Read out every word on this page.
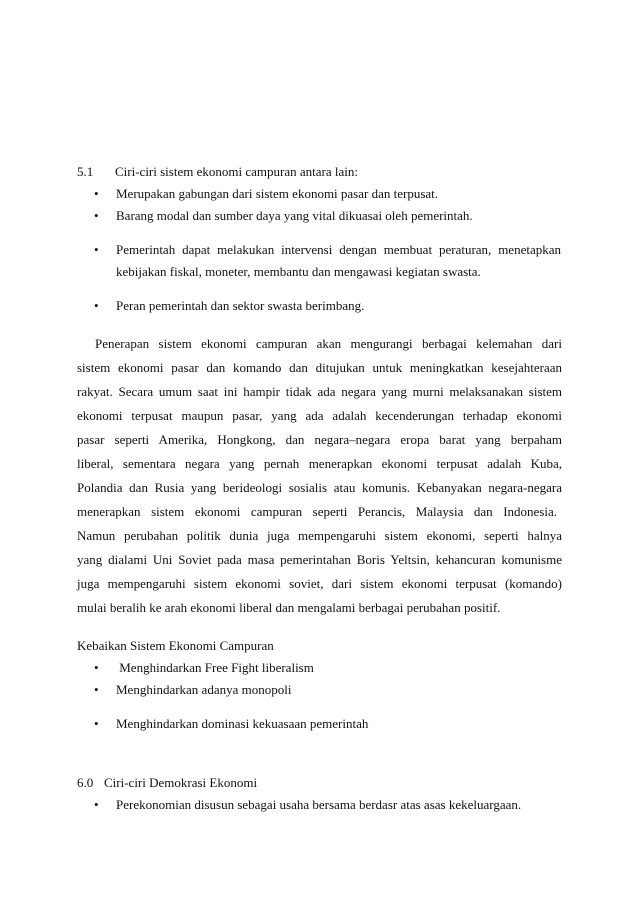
5.1 Ciri-ciri sistem ekonomi campuran antara lain:
• Merupakan gabungan dari sistem ekonomi pasar dan terpusat.
• Barang modal dan sumber daya yang vital dikuasai oleh pemerintah.
• Pemerintah dapat melakukan intervensi dengan membuat peraturan, menetapkan
kebijakan fiskal, moneter, membantu dan mengawasi kegiatan swasta.
• Peran pemerintah dan sektor swasta berimbang.
Penerapan sistem ekonomi campuran akan mengurangi berbagai kelemahan dari
sistem ekonomi pasar dan komando dan ditujukan untuk meningkatkan kesejahteraan
rakyat. Secara umum saat ini hampir tidak ada negara yang murni melaksanakan sistem
ekonomi terpusat maupun pasar, yang ada adalah kecenderungan terhadap ekonomi
pasar seperti Amerika, Hongkong, dan negara–negara eropa barat yang berpaham
liberal, sementara negara yang pernah menerapkan ekonomi terpusat adalah Kuba,
Polandia dan Rusia yang berideologi sosialis atau komunis. Kebanyakan negara-negara
menerapkan sistem ekonomi campuran seperti Perancis, Malaysia dan Indonesia.
Namun perubahan politik dunia juga mempengaruhi sistem ekonomi, seperti halnya
yang dialami Uni Soviet pada masa pemerintahan Boris Yeltsin, kehancuran komunisme
juga mempengaruhi sistem ekonomi soviet, dari sistem ekonomi terpusat (komando)
mulai beralih ke arah ekonomi liberal dan mengalami berbagai perubahan positif.
Kebaikan Sistem Ekonomi Campuran
• Menghindarkan Free Fight liberalism
• Menghindarkan adanya monopoli
• Menghindarkan dominasi kekuasaan pemerintah
6.0 Ciri-ciri Demokrasi Ekonomi
• Perekonomian disusun sebagai usaha bersama berdasr atas asas kekeluargaan.
